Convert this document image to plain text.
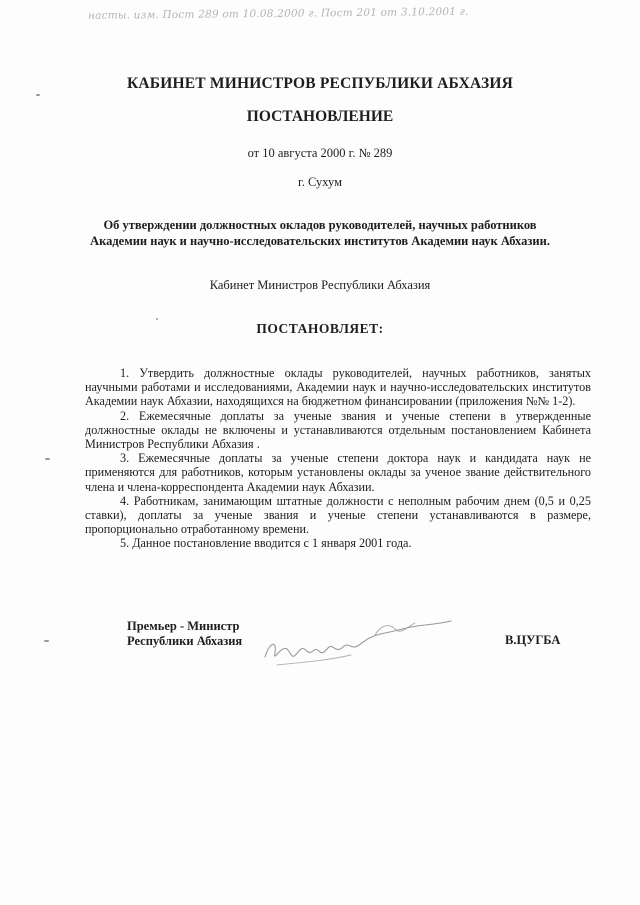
насты. изм. Пост 289 от 10.08.2000 г. Пост 201 от 3.10.2001 г.
КАБИНЕТ МИНИСТРОВ РЕСПУБЛИКИ АБХАЗИЯ
ПОСТАНОВЛЕНИЕ
от 10 августа 2000 г. № 289
г. Сухум
Об утверждении должностных окладов руководителей, научных работников
Академии наук и научно-исследовательских институтов Академии наук Абхазии.
Кабинет Министров Республики Абхазия
ПОСТАНОВЛЯЕТ:

1. Утвердить должностные оклады руководителей, научных работников, занятых научными работами и исследованиями, Академии наук и научно-исследовательских институтов Академии наук Абхазии, находящихся на бюджетном финансировании (приложения №№ 1-2).

2. Ежемесячные доплаты за ученые звания и ученые степени в утвержденные должностные оклады не включены и устанавливаются отдельным постановлением Кабинета Министров Республики Абхазия .

3. Ежемесячные доплаты за ученые степени доктора наук и кандидата наук не применяются для работников, которым установлены оклады за ученое звание действительного члена и члена-корреспондента Академии наук Абхазии.

4. Работникам, занимающим штатные должности с неполным рабочим днем (0,5 и 0,25 ставки), доплаты за ученые звания и ученые степени устанавливаются в размере, пропорционально отработанному времени.

5. Данное постановление вводится с 1 января 2001 года.

Премьер - Министр
Республики Абхазия	В.ЦУГБА
